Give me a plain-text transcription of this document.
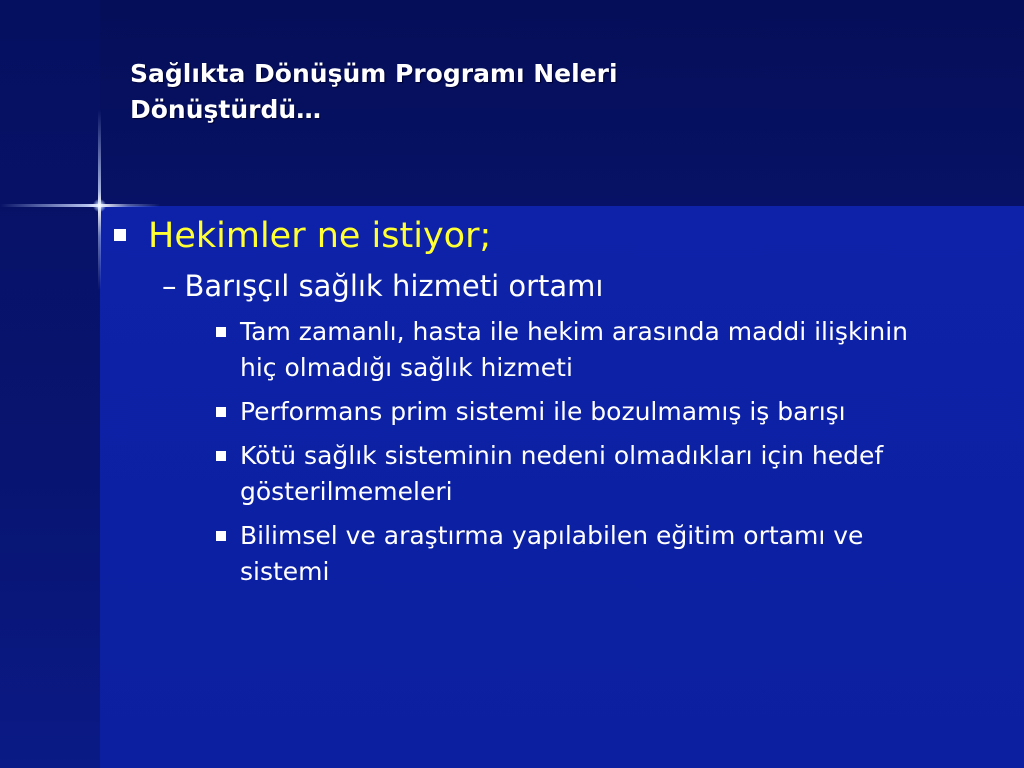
Sağlıkta Dönüşüm Programı Neleri
Dönüştürdü…
Hekimler ne istiyor;
– Barışçıl sağlık hizmeti ortamı
Tam zamanlı, hasta ile hekim arasında maddi ilişkinin hiç olmadığı sağlık hizmeti
Performans prim sistemi ile bozulmamış iş barışı
Kötü sağlık sisteminin nedeni olmadıkları için hedef gösterilmemeleri
Bilimsel ve araştırma yapılabilen eğitim ortamı ve sistemi
